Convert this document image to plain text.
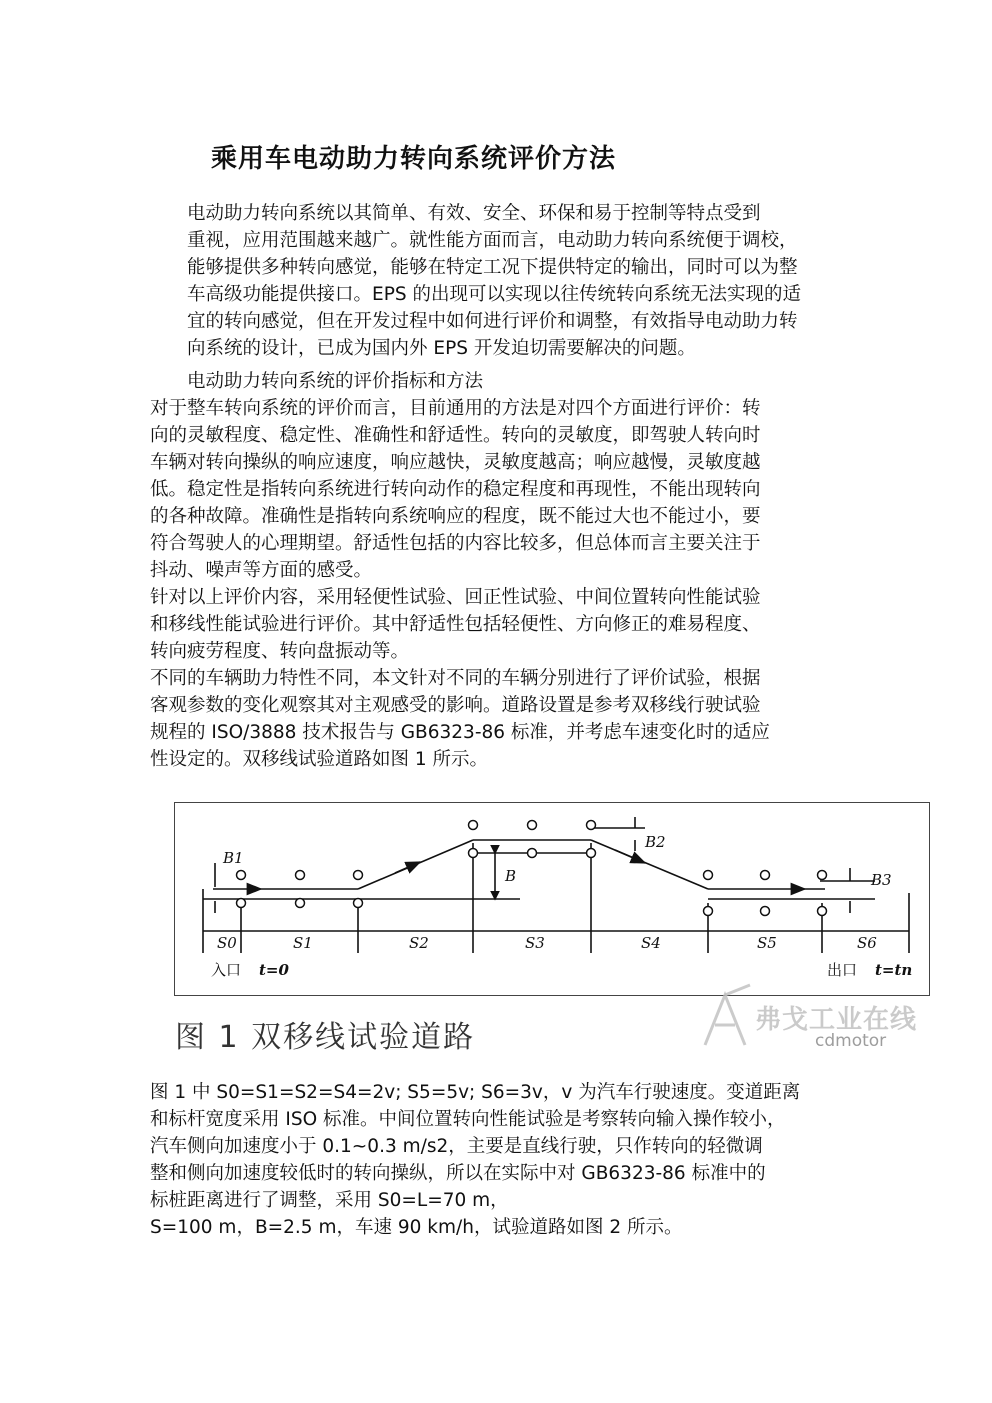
乘用车电动助力转向系统评价方法
电动助力转向系统以其简单、有效、安全、环保和易于控制等特点受到
重视，应用范围越来越广。就性能方面而言，电动助力转向系统便于调校，
能够提供多种转向感觉，能够在特定工况下提供特定的输出，同时可以为整
车高级功能提供接口。EPS 的出现可以实现以往传统转向系统无法实现的适
宜的转向感觉，但在开发过程中如何进行评价和调整，有效指导电动助力转
向系统的设计，已成为国内外 EPS 开发迫切需要解决的问题。
电动助力转向系统的评价指标和方法
对于整车转向系统的评价而言，目前通用的方法是对四个方面进行评价：转
向的灵敏程度、稳定性、准确性和舒适性。转向的灵敏度，即驾驶人转向时
车辆对转向操纵的响应速度，响应越快，灵敏度越高；响应越慢，灵敏度越
低。稳定性是指转向系统进行转向动作的稳定程度和再现性，不能出现转向
的各种故障。准确性是指转向系统响应的程度，既不能过大也不能过小，要
符合驾驶人的心理期望。舒适性包括的内容比较多，但总体而言主要关注于
抖动、噪声等方面的感受。
针对以上评价内容，采用轻便性试验、回正性试验、中间位置转向性能试验
和移线性能试验进行评价。其中舒适性包括轻便性、方向修正的难易程度、
转向疲劳程度、转向盘振动等。
不同的车辆助力特性不同，本文针对不同的车辆分别进行了评价试验，根据
客观参数的变化观察其对主观感受的影响。道路设置是参考双移线行驶试验
规程的 ISO/3888 技术报告与 GB6323-86 标准，并考虑车速变化时的适应
性设定的。双移线试验道路如图 1 所示。
B1
B
B2
B3
S0	S1	S2	S3	S4	S5	S6
入口	出口
t=0	t=tn
图 1 双移线试验道路	弗戈工业在线
cdmotor
图 1 中 S0=S1=S2=S4=2v; S5=5v; S6=3v，v 为汽车行驶速度。变道距离
和标杆宽度采用 ISO 标准。中间位置转向性能试验是考察转向输入操作较小，
汽车侧向加速度小于 0.1~0.3 m/s2，主要是直线行驶，只作转向的轻微调
整和侧向加速度较低时的转向操纵，所以在实际中对 GB6323-86 标准中的
标桩距离进行了调整，采用 S0=L=70 m，
S=100 m，B=2.5 m，车速 90 km/h，试验道路如图 2 所示。
